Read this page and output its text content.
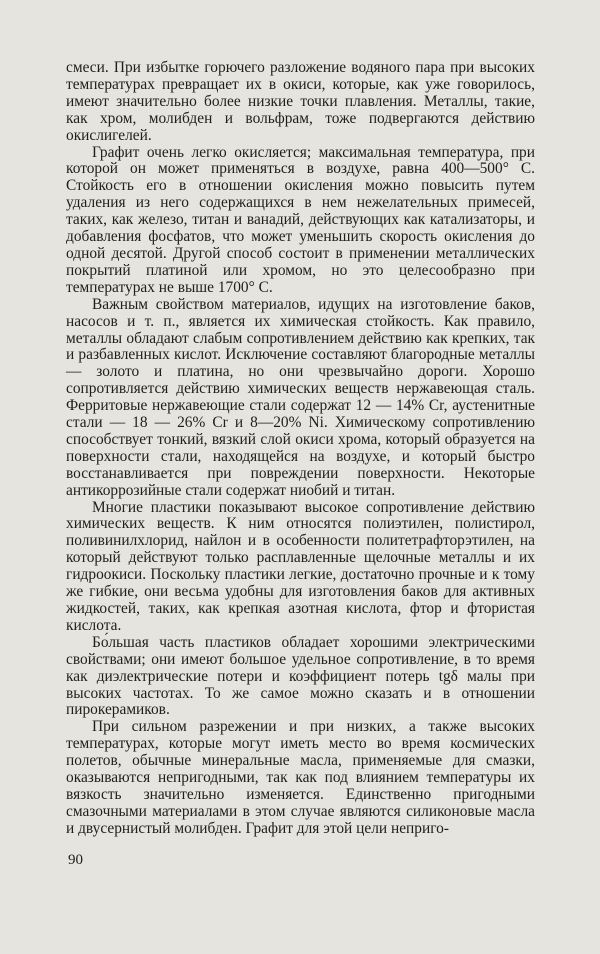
смеси. При избытке горючего разложение водяного пара при высоких температурах превращает их в окиси, которые, как уже говорилось, имеют значительно более низкие точки плавления. Металлы, такие, как хром, молибден и вольфрам, тоже подвергаются действию окислигелей.

Графит очень легко окисляется; максимальная температура, при которой он может применяться в воздухе, равна 400—500° С. Стойкость его в отношении окисления можно повысить путем удаления из него содержащихся в нем нежелательных примесей, таких, как железо, титан и ванадий, действующих как катализаторы, и добавления фосфатов, что может уменьшить скорость окисления до одной десятой. Другой способ состоит в применении металлических покрытий платиной или хромом, но это целесообразно при температурах не выше 1700° С.

Важным свойством материалов, идущих на изготовление баков, насосов и т. п., является их химическая стойкость. Как правило, металлы обладают слабым сопротивлением действию как крепких, так и разбавленных кислот. Исключение составляют благородные металлы — золото и платина, но они чрезвычайно дороги. Хорошо сопротивляется действию химических веществ нержавеющая сталь. Ферритовые нержавеющие стали содержат 12 — 14% Cr, аустенитные стали — 18 — 26% Cr и 8—20% Ni. Химическому сопротивлению способствует тонкий, вязкий слой окиси хрома, который образуется на поверхности стали, находящейся на воздухе, и который быстро восстанавливается при повреждении поверхности. Некоторые антикоррозийные стали содержат ниобий и титан.

Многие пластики показывают высокое сопротивление действию химических веществ. К ним относятся полиэтилен, полистирол, поливинилхлорид, найлон и в особенности политетрафторэтилен, на который действуют только расплавленные щелочные металлы и их гидроокиси. Поскольку пластики легкие, достаточно прочные и к тому же гибкие, они весьма удобны для изготовления баков для активных жидкостей, таких, как крепкая азотная кислота, фтор и фтористая кислота.

Бо́льшая часть пластиков обладает хорошими электрическими свойствами; они имеют большое удельное сопротивление, в то время как диэлектрические потери и коэффициент потерь tgδ малы при высоких частотах. То же самое можно сказать и в отношении пирокерамиков.

При сильном разрежении и при низких, а также высоких температурах, которые могут иметь место во время космических полетов, обычные минеральные масла, применяемые для смазки, оказываются непригодными, так как под влиянием температуры их вязкость значительно изменяется. Единственно пригодными смазочными материалами в этом случае являются силиконовые масла и двусернистый молибден. Графит для этой цели неприго-

90
